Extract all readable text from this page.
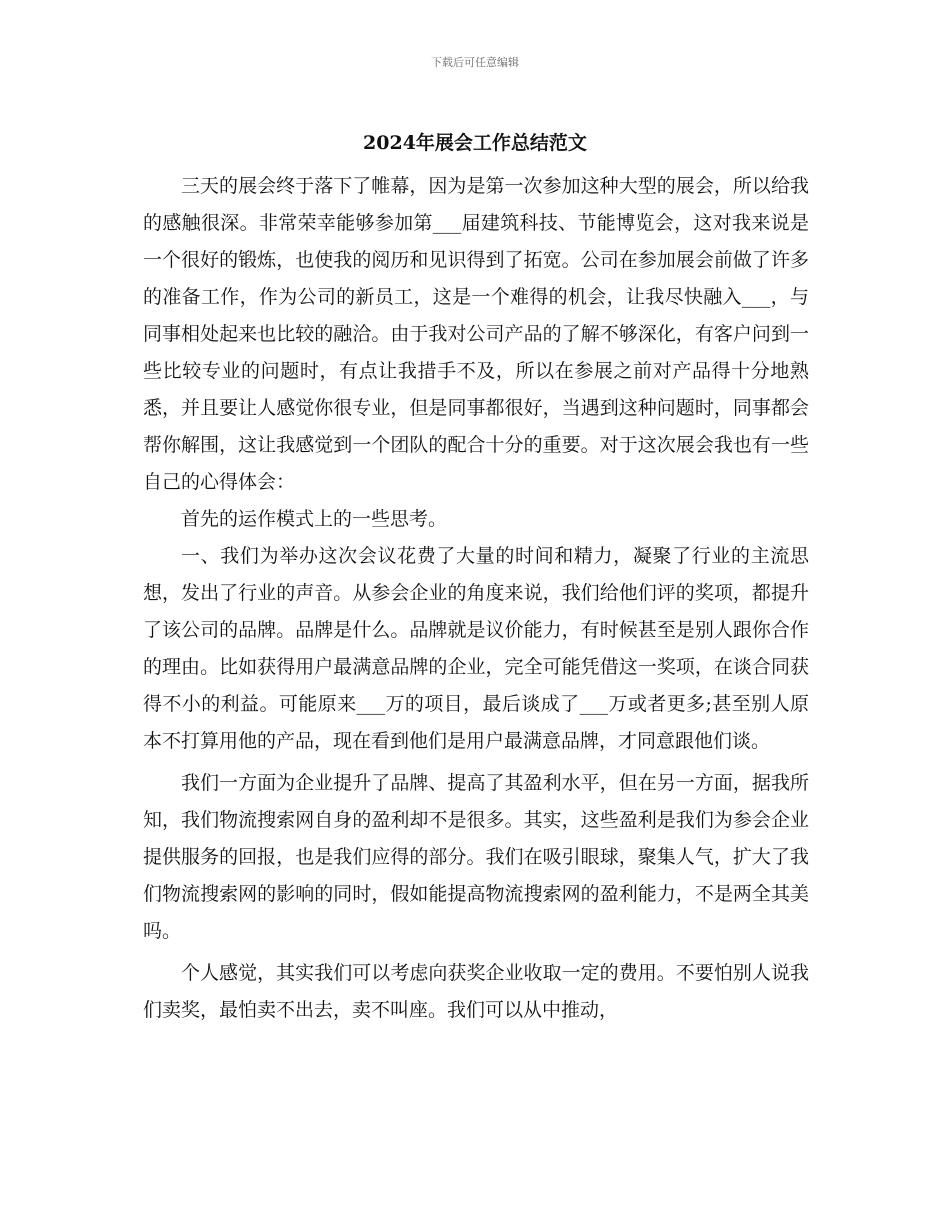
下载后可任意编辑
2024年展会工作总结范文

三天的展会终于落下了帷幕，因为是第一次参加这种大型的展会，所以给我的感触很深。非常荣幸能够参加第___届建筑科技、节能博览会，这对我来说是一个很好的锻炼，也使我的阅历和见识得到了拓宽。公司在参加展会前做了许多的准备工作，作为公司的新员工，这是一个难得的机会，让我尽快融入___，与同事相处起来也比较的融洽。由于我对公司产品的了解不够深化，有客户问到一些比较专业的问题时，有点让我措手不及，所以在参展之前对产品得十分地熟悉，并且要让人感觉你很专业，但是同事都很好，当遇到这种问题时，同事都会帮你解围，这让我感觉到一个团队的配合十分的重要。对于这次展会我也有一些自己的心得体会：

首先的运作模式上的一些思考。

一、我们为举办这次会议花费了大量的时间和精力，凝聚了行业的主流思想，发出了行业的声音。从参会企业的角度来说，我们给他们评的奖项，都提升了该公司的品牌。品牌是什么。品牌就是议价能力，有时候甚至是别人跟你合作的理由。比如获得用户最满意品牌的企业，完全可能凭借这一奖项，在谈合同获得不小的利益。可能原来___万的项目，最后谈成了___万或者更多;甚至别人原本不打算用他的产品，现在看到他们是用户最满意品牌，才同意跟他们谈。

我们一方面为企业提升了品牌、提高了其盈利水平，但在另一方面，据我所知，我们物流搜索网自身的盈利却不是很多。其实，这些盈利是我们为参会企业提供服务的回报，也是我们应得的部分。我们在吸引眼球，聚集人气，扩大了我们物流搜索网的影响的同时，假如能提高物流搜索网的盈利能力，不是两全其美吗。

个人感觉，其实我们可以考虑向获奖企业收取一定的费用。不要怕别人说我们卖奖，最怕卖不出去，卖不叫座。我们可以从中推动，
